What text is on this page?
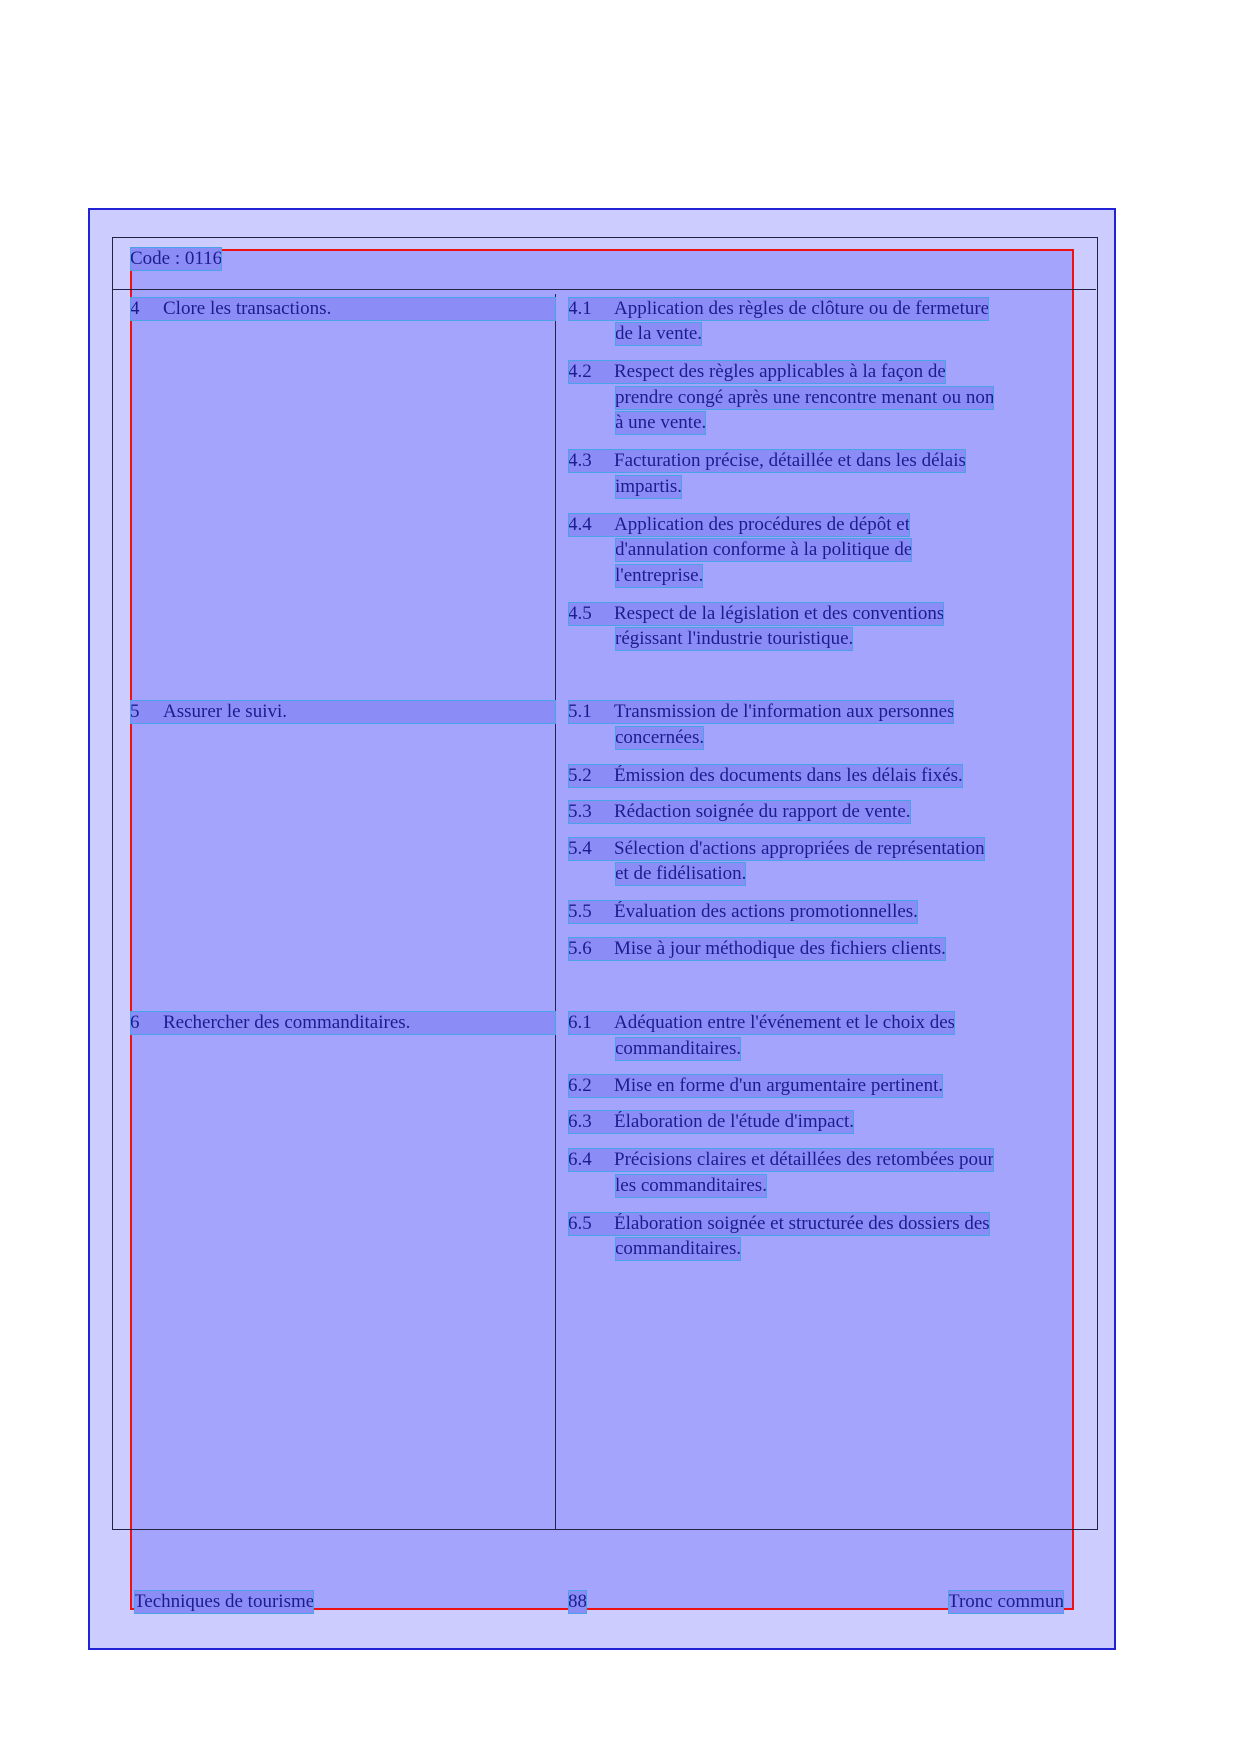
Code : 0116
4 Clore les transactions.	4.1 Application des règles de clôture ou de fermeture
de la vente.
4.2 Respect des règles applicables à la façon de
prendre congé après une rencontre menant ou non
à une vente.
4.3 Facturation précise, détaillée et dans les délais
impartis.
4.4 Application des procédures de dépôt et
d'annulation conforme à la politique de
l'entreprise.
4.5 Respect de la législation et des conventions
régissant l'industrie touristique.
5 Assurer le suivi.	5.1 Transmission de l'information aux personnes
concernées.
5.2 Émission des documents dans les délais fixés.
5.3 Rédaction soignée du rapport de vente.
5.4 Sélection d'actions appropriées de représentation
et de fidélisation.
5.5 Évaluation des actions promotionnelles.
5.6 Mise à jour méthodique des fichiers clients.
6 Rechercher des commanditaires.	6.1 Adéquation entre l'événement et le choix des
commanditaires.
6.2 Mise en forme d'un argumentaire pertinent.
6.3 Élaboration de l'étude d'impact.
6.4 Précisions claires et détaillées des retombées pour
les commanditaires.
6.5 Élaboration soignée et structurée des dossiers des
commanditaires.
Techniques de tourisme	88	Tronc commun
